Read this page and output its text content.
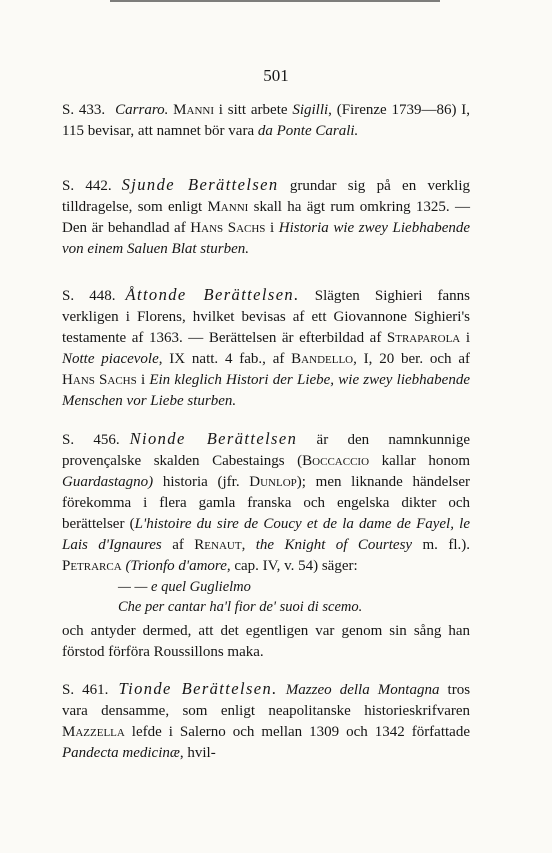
501

S. 433. Carraro. Manni i sitt arbete Sigilli, (Firenze 1739—86) I, 115 bevisar, att namnet bör vara da Ponte Carali.

S. 442. Sjunde Berättelsen grundar sig på en verklig tilldragelse, som enligt Manni skall ha ägt rum omkring 1325. — Den är behandlad af Hans Sachs i Historia wie zwey Liebhabende von einem Saluen Blat sturben.

S. 448. Åttonde Berättelsen. Slägten Sighieri fanns verkligen i Florens, hvilket bevisas af ett Giovannone Sighieri's testamente af 1363. — Berättelsen är efterbildad af Straparola i Notte piacevole, IX natt. 4 fab., af Bandello, I, 20 ber. och af Hans Sachs i Ein kleglich Histori der Liebe, wie zwey liebhabende Menschen vor Liebe sturben.

S. 456. Nionde Berättelsen är den namnkunnige provençalske skalden Cabestaings (Boccaccio kallar honom Guardastagno) historia (jfr. Dunlop); men liknande händelser förekomma i flera gamla franska och engelska dikter och berättelser (L'histoire du sire de Coucy et de la dame de Fayel, le Lais d'Ignaures af Renaut, the Knight of Courtesy m. fl.). Petrarca (Trionfo d'amore, cap. IV, v. 54) säger:

— — e quel Guglielmo
Che per cantar ha'l fior de' suoi di scemo.
och antyder dermed, att det egentligen var genom sin sång han förstod förföra Roussillons maka.

S. 461. Tionde Berättelsen. Mazzeo della Montagna tros vara densamme, som enligt neapolitanske historieskrifvaren Mazzella lefde i Salerno och mellan 1309 och 1342 författade Pandecta medicinæ, hvil-
